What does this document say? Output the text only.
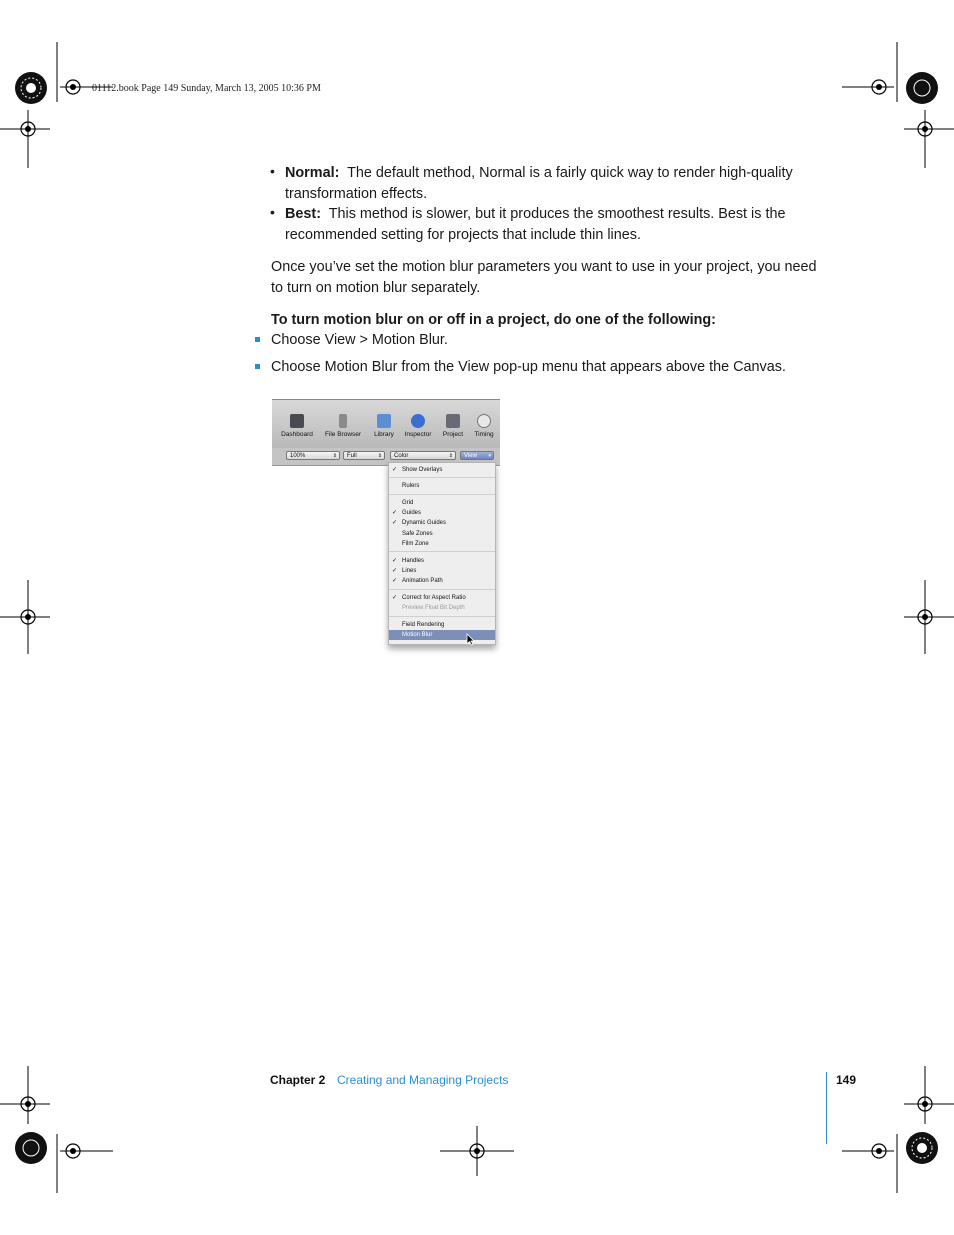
01112.book Page 149 Sunday, March 13, 2005 10:36 PM
• Normal: The default method, Normal is a fairly quick way to render high-quality
transformation effects.
• Best: This method is slower, but it produces the smoothest results. Best is the
recommended setting for projects that include thin lines.
Once you’ve set the motion blur parameters you want to use in your project, you need
to turn on motion blur separately.
To turn motion blur on or off in a project, do one of the following:
Choose View > Motion Blur.
Choose Motion Blur from the View pop-up menu that appears above the Canvas.
Dashboard	File Browser	Library	Inspector	Project	Timing
100%	⇕	Full	⇕	Color	⇕	View ▾
✓ Show Overlays
Rulers
Grid
✓ Guides
✓ Dynamic Guides
Safe Zones
Film Zone
✓ Handles
✓ Lines
✓ Animation Path
✓ Correct for Aspect Ratio
Preview Float Bit Depth
Field Rendering
Motion Blur
Chapter 2 Creating and Managing Projects	149
